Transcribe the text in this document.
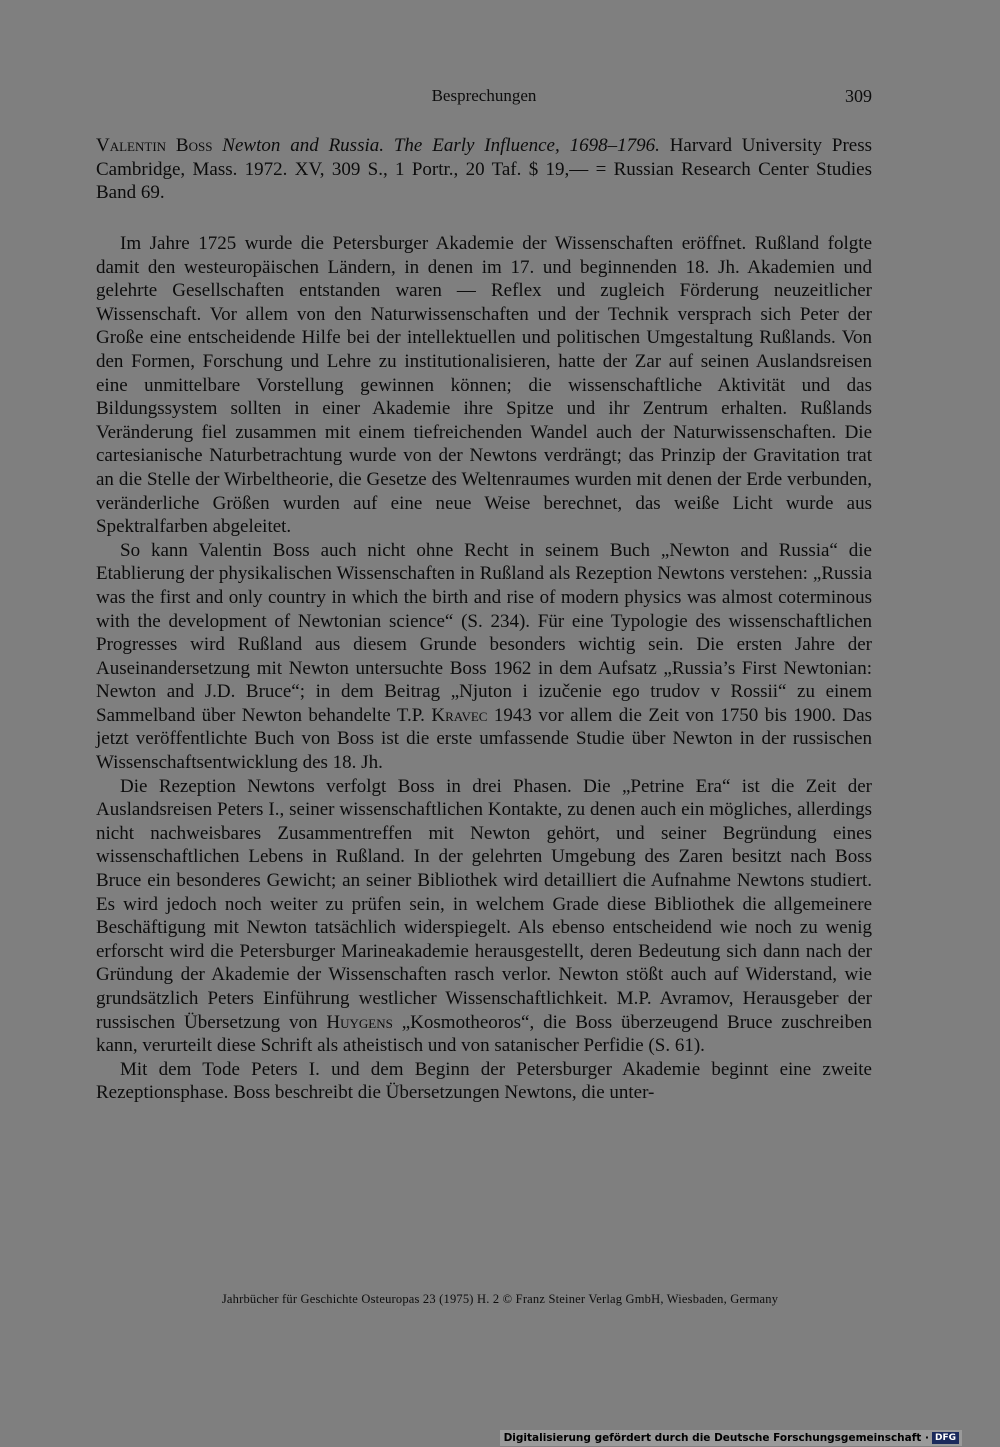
Besprechungen	309
Valentin Boss Newton and Russia. The Early Influence, 1698–1796. Harvard University Press Cambridge, Mass. 1972. XV, 309 S., 1 Portr., 20 Taf. $ 19,— = Russian Research Center Studies Band 69.

Im Jahre 1725 wurde die Petersburger Akademie der Wissenschaften eröffnet. Rußland folgte damit den westeuropäischen Ländern, in denen im 17. und beginnenden 18. Jh. Akademien und gelehrte Gesellschaften entstanden waren — Reflex und zugleich Förderung neuzeitlicher Wissenschaft. Vor allem von den Naturwissenschaften und der Technik versprach sich Peter der Große eine entscheidende Hilfe bei der intellektuellen und politischen Umgestaltung Rußlands. Von den Formen, Forschung und Lehre zu institutionalisieren, hatte der Zar auf seinen Auslandsreisen eine unmittelbare Vorstellung gewinnen können; die wissenschaftliche Aktivität und das Bildungssystem sollten in einer Akademie ihre Spitze und ihr Zentrum erhalten. Rußlands Veränderung fiel zusammen mit einem tiefreichenden Wandel auch der Naturwissenschaften. Die cartesianische Naturbetrachtung wurde von der Newtons verdrängt; das Prinzip der Gravitation trat an die Stelle der Wirbeltheorie, die Gesetze des Weltenraumes wurden mit denen der Erde verbunden, veränderliche Größen wurden auf eine neue Weise berechnet, das weiße Licht wurde aus Spektralfarben abgeleitet.

So kann Valentin Boss auch nicht ohne Recht in seinem Buch „Newton and Russia“ die Etablierung der physikalischen Wissenschaften in Rußland als Rezeption Newtons verstehen: „Russia was the first and only country in which the birth and rise of modern physics was almost coterminous with the development of Newtonian science“ (S. 234). Für eine Typologie des wissenschaftlichen Progresses wird Rußland aus diesem Grunde besonders wichtig sein. Die ersten Jahre der Auseinandersetzung mit Newton untersuchte Boss 1962 in dem Aufsatz „Russia’s First Newtonian: Newton and J.D. Bruce“; in dem Beitrag „Njuton i izučenie ego trudov v Rossii“ zu einem Sammelband über Newton behandelte T.P. Kravec 1943 vor allem die Zeit von 1750 bis 1900. Das jetzt veröffentlichte Buch von Boss ist die erste umfassende Studie über Newton in der russischen Wissenschaftsentwicklung des 18. Jh.

Die Rezeption Newtons verfolgt Boss in drei Phasen. Die „Petrine Era“ ist die Zeit der Auslandsreisen Peters I., seiner wissenschaftlichen Kontakte, zu denen auch ein mögliches, allerdings nicht nachweisbares Zusammentreffen mit Newton gehört, und seiner Begründung eines wissenschaftlichen Lebens in Rußland. In der gelehrten Umgebung des Zaren besitzt nach Boss Bruce ein besonderes Gewicht; an seiner Bibliothek wird detailliert die Aufnahme Newtons studiert. Es wird jedoch noch weiter zu prüfen sein, in welchem Grade diese Bibliothek die allgemeinere Beschäftigung mit Newton tatsächlich widerspiegelt. Als ebenso entscheidend wie noch zu wenig erforscht wird die Petersburger Marineakademie herausgestellt, deren Bedeutung sich dann nach der Gründung der Akademie der Wissenschaften rasch verlor. Newton stößt auch auf Widerstand, wie grundsätzlich Peters Einführung westlicher Wissenschaftlichkeit. M.P. Avramov, Herausgeber der russischen Übersetzung von Huygens „Kosmotheoros“, die Boss überzeugend Bruce zuschreiben kann, verurteilt diese Schrift als atheistisch und von satanischer Perfidie (S. 61).

Mit dem Tode Peters I. und dem Beginn der Petersburger Akademie beginnt eine zweite Rezeptionsphase. Boss beschreibt die Übersetzungen Newtons, die unter-

Jahrbücher für Geschichte Osteuropas 23 (1975) H. 2 © Franz Steiner Verlag GmbH, Wiesbaden, Germany
Digitalisierung gefördert durch die Deutsche Forschungsgemeinschaft · DFG
